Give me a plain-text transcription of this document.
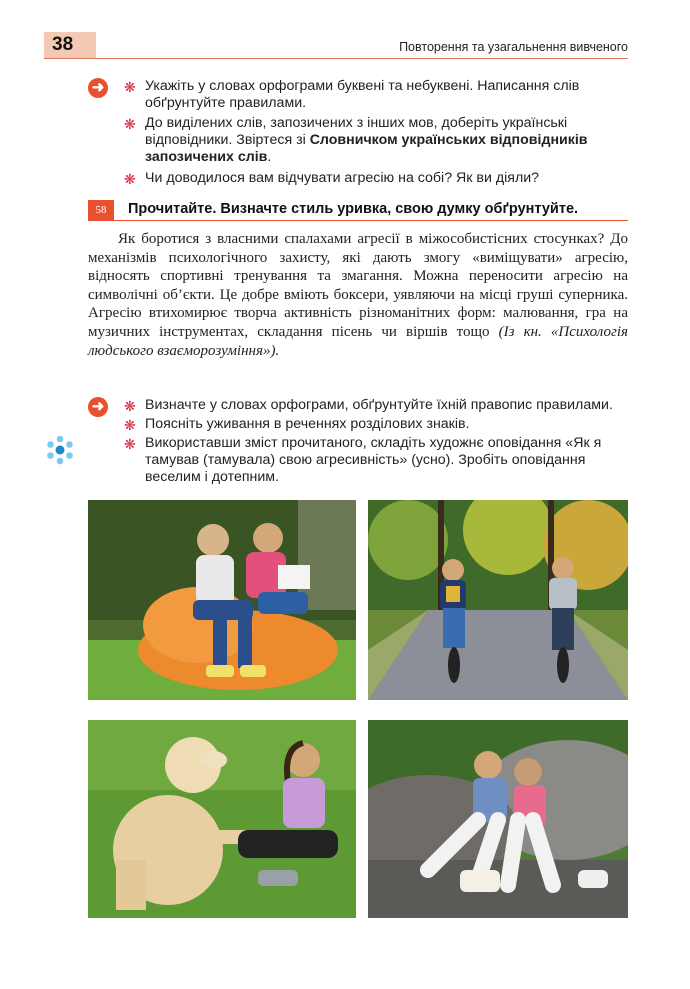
38	Повторення та узагальнення вивченого
➜ ❋ Укажіть у словах орфограми буквені та небуквені. Написання слів обґрунтуйте правилами.
❋ До виділених слів, запозичених з інших мов, доберіть українські відповідники. Звіртеся зі Словничком українських відповідників запозичених слів.
❋ Чи доводилося вам відчувати агресію на собі? Як ви діяли?
58	Прочитайте. Визначте стиль уривка, свою думку обґрунтуйте.
Як боротися з власними спалахами агресії в міжособистісних стосунках? До механізмів психологічного захисту, які дають змогу «виміщувати» агресію, відносять спортивні тренування та змагання. Можна переносити агресію на символічні об’єкти. Це добре вміють боксери, уявляючи на місці груші суперника. Агресію втихомирює творча активність різноманітних форм: малювання, гра на музичних інструментах, складання пісень чи віршів тощо (Із кн. «Психологія людського взаєморозуміння»).
➜ ❋ Визначте у словах орфограми, обґрунтуйте їхній правопис правилами.
❋ Поясніть уживання в реченнях розділових знаків.
❋ Використавши зміст прочитаного, складіть художнє оповідання «Як я тамував (тамувала) свою агресивність» (усно). Зробіть оповідання веселим і дотепним.
